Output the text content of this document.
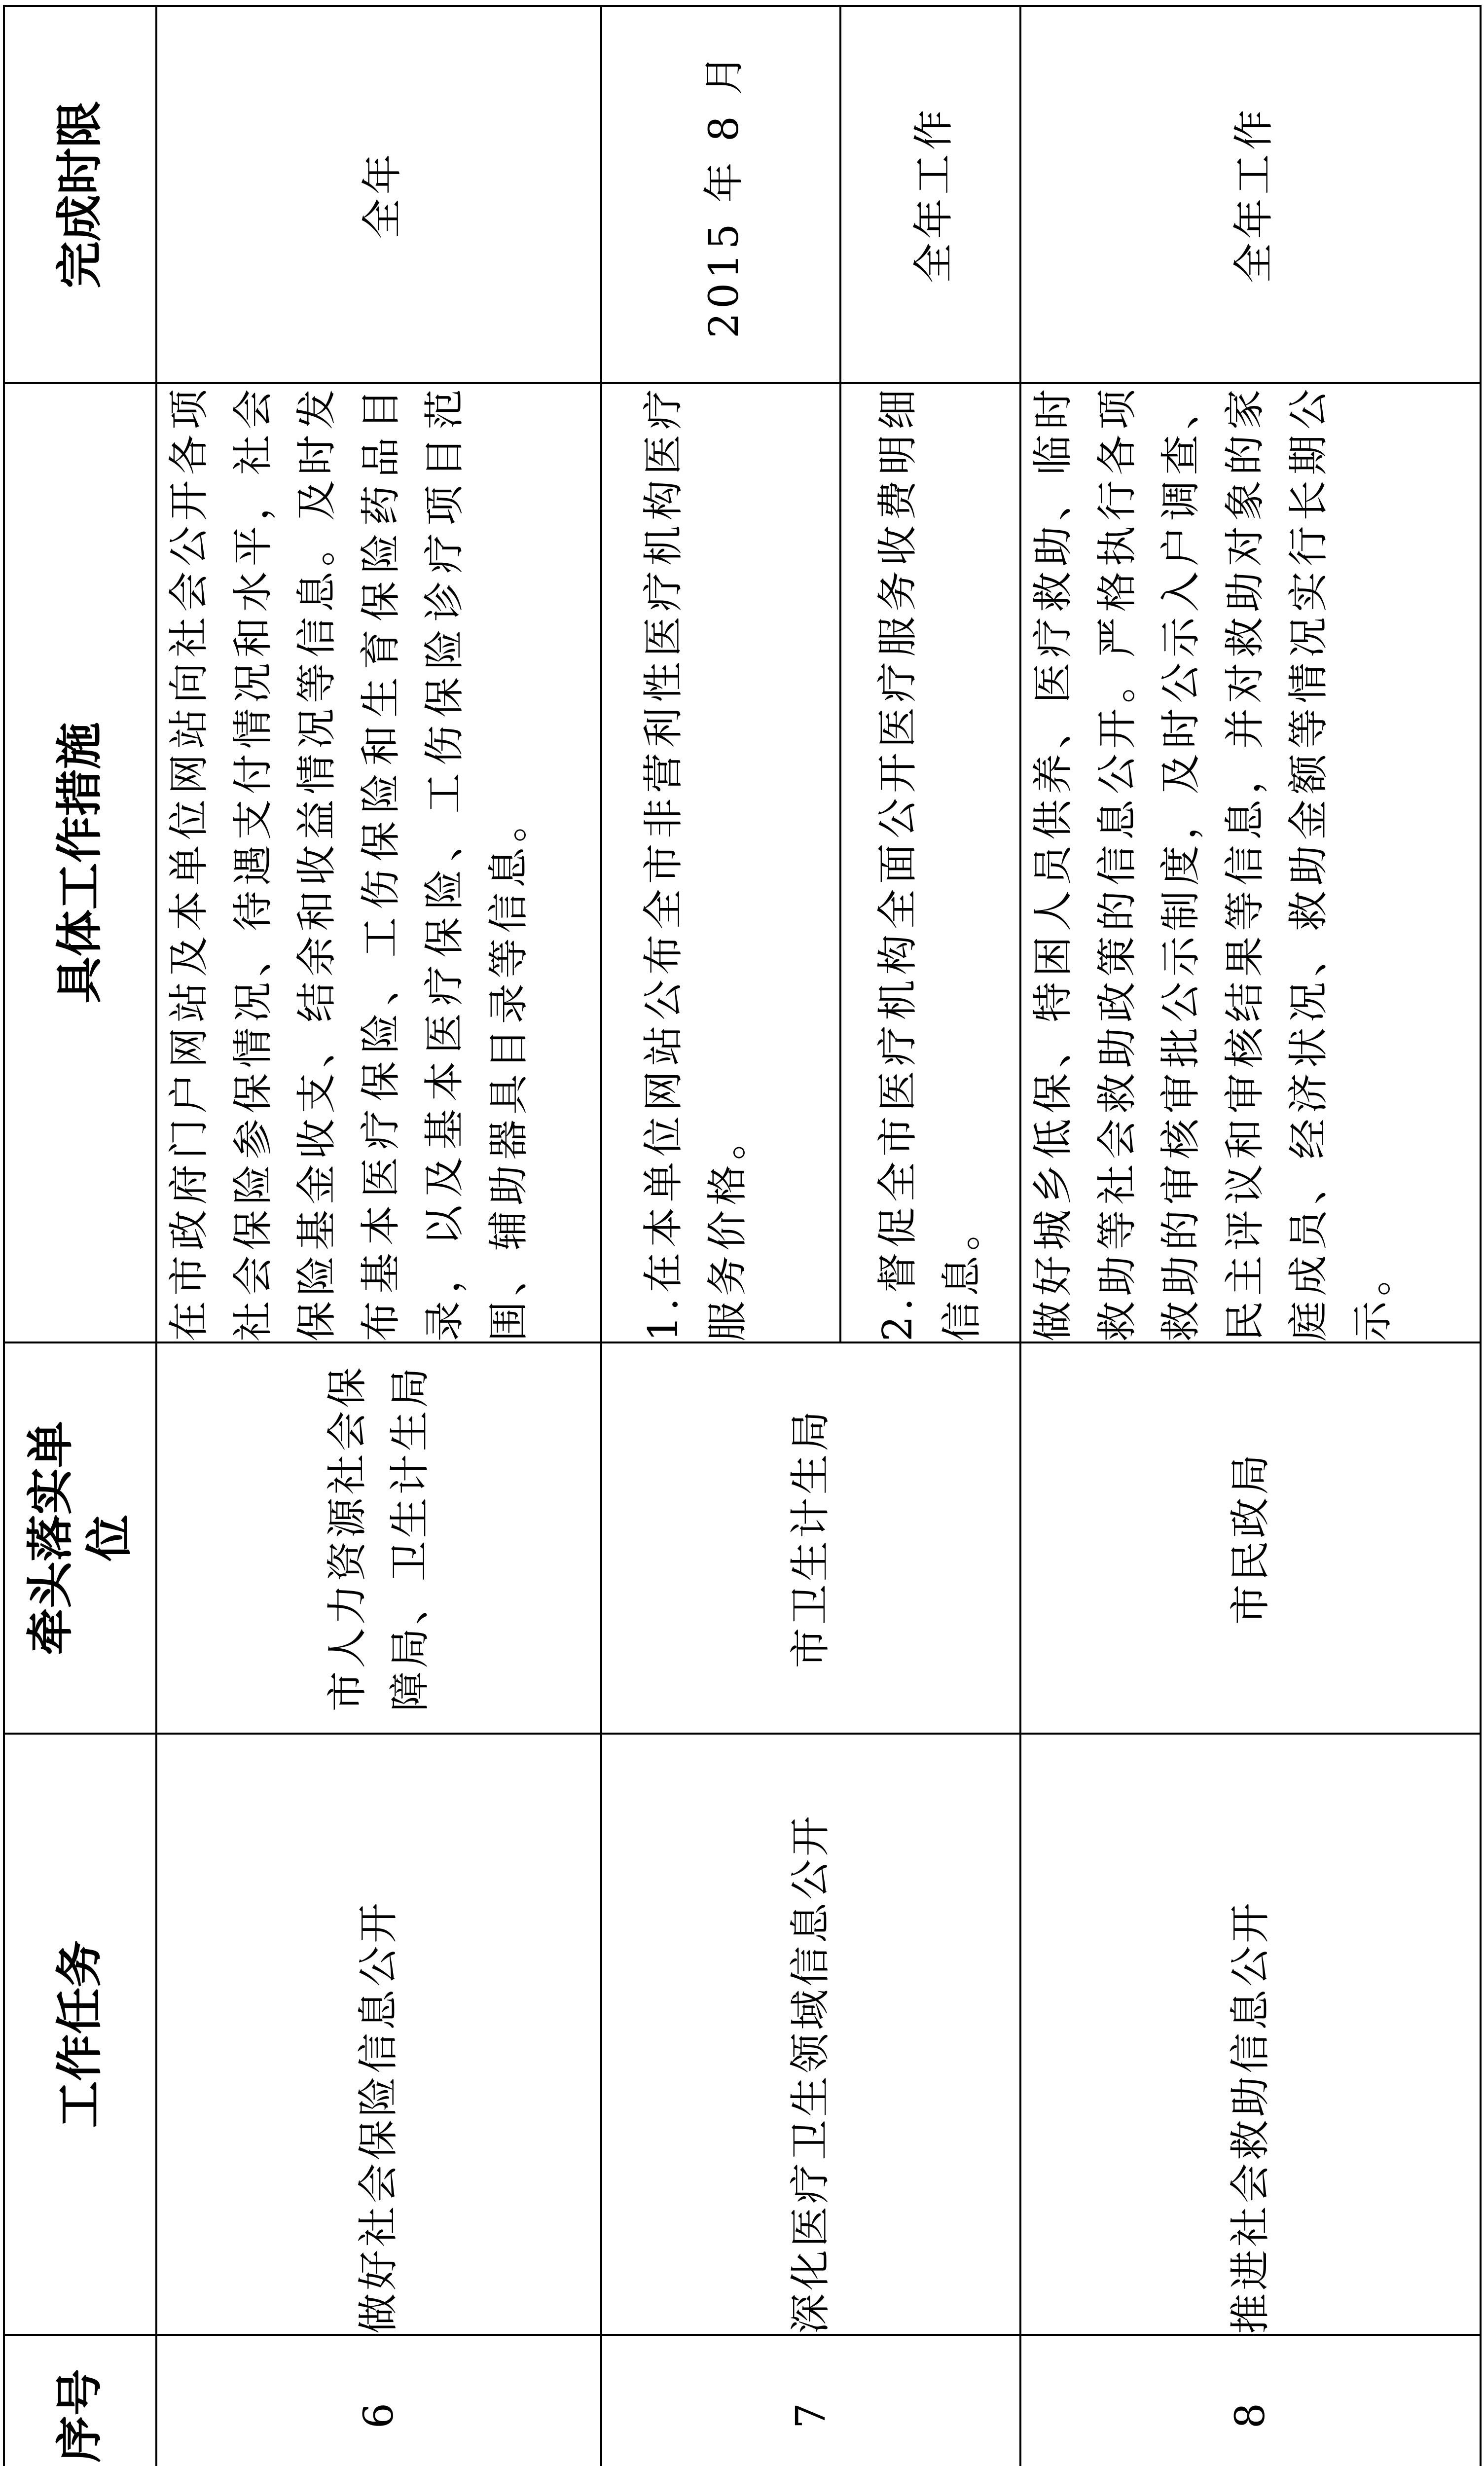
序号	工作任务	牵头落实单位	具体工作措施	完成时限
6	做好社会保险信息公开	市人力资源社会保障局、卫生计生局	在市政府门户网站及本单位网站向社会公开各项社会保险参保情况、待遇支付情况和水平，社会保险基金收支、结余和收益情况等信息。及时发布基本医疗保险、工伤保险和生育保险药品目录，以及基本医疗保险、工伤保险诊疗项目范围、辅助器具目录等信息。	全年
7	深化医疗卫生领域信息公开	市卫生计生局	1.在本单位网站公布全市非营利性医疗机构医疗服务价格。	2015 年 8 月
			2.督促全市医疗机构全面公开医疗服务收费明细信息。	全年工作
8	推进社会救助信息公开	市民政局	做好城乡低保、特困人员供养、医疗救助、临时救助等社会救助政策的信息公开。严格执行各项救助的审核审批公示制度，及时公示入户调查、民主评议和审核结果等信息，并对救助对象的家庭成员、经济状况、救助金额等情况实行长期公示。	全年工作
